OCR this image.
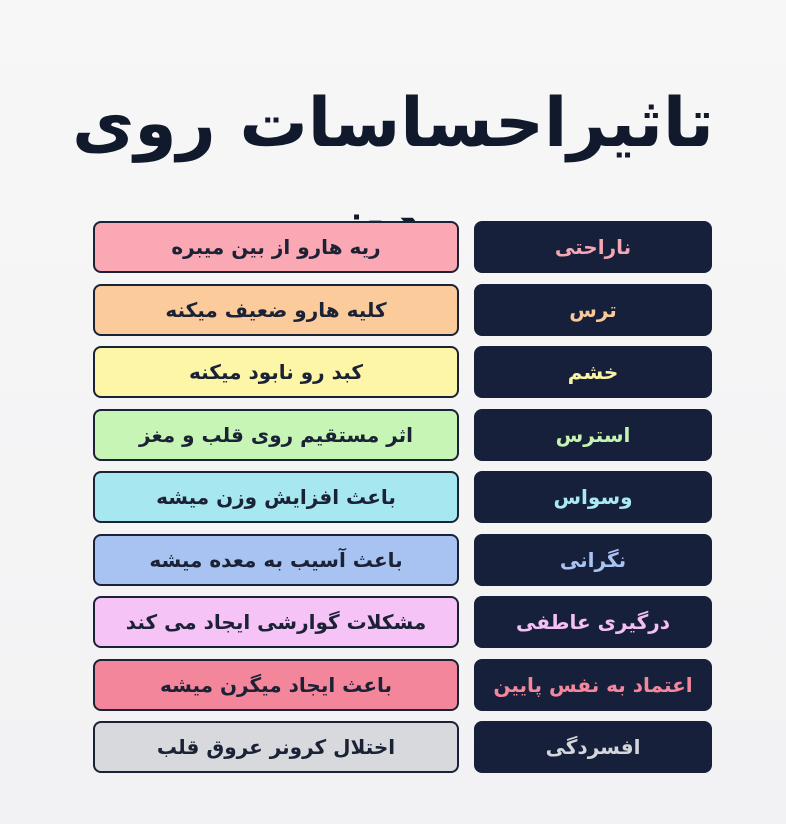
تاثیراحساسات روی
ریه هارو از بین میبره	ناراحتی
کلیه هارو ضعیف میکنه	ترس
کبد رو نابود میکنه	خشم
اثر مستقیم روی قلب و مغز	استرس
باعث افزایش وزن میشه	وسواس
باعث آسیب به معده میشه	نگرانی
مشکلات گوارشی ایجاد می کند	درگیری عاطفی
باعث ایجاد میگرن میشه	اعتماد به نفس پایین
اختلال کرونر عروق قلب	افسردگی
